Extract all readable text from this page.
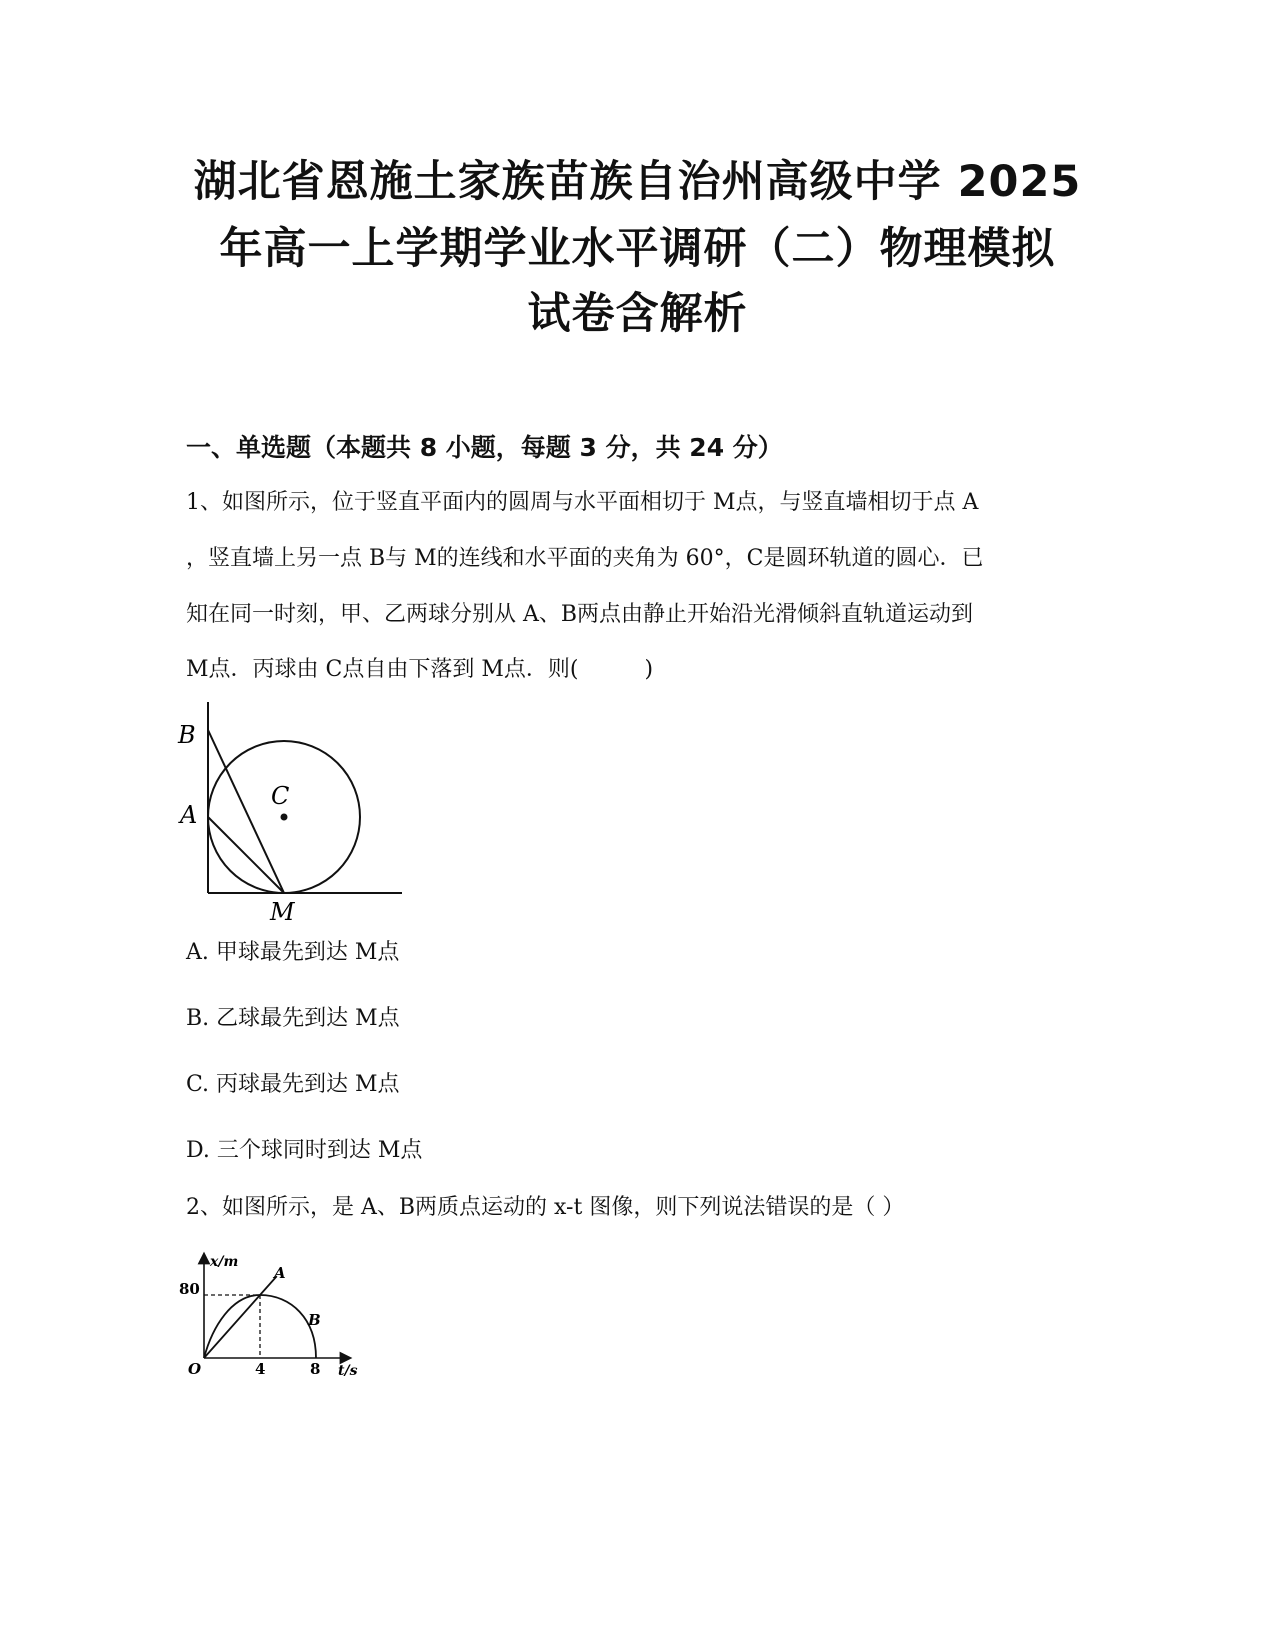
湖北省恩施土家族苗族自治州高级中学 2025
年高一上学期学业水平调研（二）物理模拟
试卷含解析
一、单选题（本题共 8 小题，每题 3 分，共 24 分）

1、如图所示，位于竖直平面内的圆周与水平面相切于 M点，与竖直墙相切于点 A

，竖直墙上另一点 B与 M的连线和水平面的夹角为 60°，C是圆环轨道的圆心．已

知在同一时刻，甲、乙两球分别从 A、B两点由静止开始沿光滑倾斜直轨道运动到

M点．丙球由 C点自由下落到 M点．则(　　　)

B
A
C
M

A. 甲球最先到达 M点

B. 乙球最先到达 M点

C. 丙球最先到达 M点

D. 三个球同时到达 M点

2、如图所示，是 A、B两质点运动的 x-t 图像，则下列说法错误的是（ ）

x/m
t/s
O
80
4	8
A
B
